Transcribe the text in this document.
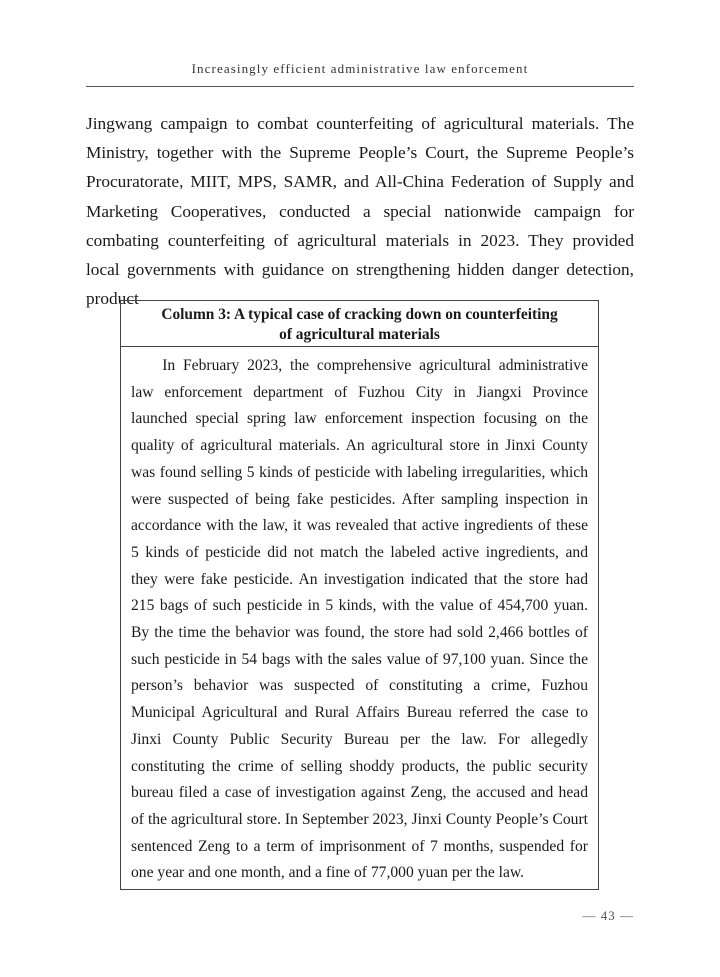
Increasingly efficient administrative law enforcement

Jingwang campaign to combat counterfeiting of agricultural materials. The Ministry, together with the Supreme People’s Court, the Supreme People’s Procuratorate, MIIT, MPS, SAMR, and All-China Federation of Supply and Marketing Cooperatives, conducted a special nationwide campaign for combating counterfeiting of agricultural materials in 2023. They provided local governments with guidance on strengthening hidden danger detection, product

Column 3: A typical case of cracking down on counterfeiting
of agricultural materials

In February 2023, the comprehensive agricultural administrative law enforcement department of Fuzhou City in Jiangxi Province launched special spring law enforcement inspection focusing on the quality of agricultural materials. An agricultural store in Jinxi County was found selling 5 kinds of pesticide with labeling irregularities, which were suspected of being fake pesticides. After sampling inspection in accordance with the law, it was revealed that active ingredients of these 5 kinds of pesticide did not match the labeled active ingredients, and they were fake pesticide. An investigation indicated that the store had 215 bags of such pesticide in 5 kinds, with the value of 454,700 yuan. By the time the behavior was found, the store had sold 2,466 bottles of such pesticide in 54 bags with the sales value of 97,100 yuan. Since the person’s behavior was suspected of constituting a crime, Fuzhou Municipal Agricultural and Rural Affairs Bureau referred the case to Jinxi County Public Security Bureau per the law. For allegedly constituting the crime of selling shoddy products, the public security bureau filed a case of investigation against Zeng, the accused and head of the agricultural store. In September 2023, Jinxi County People’s Court sentenced Zeng to a term of imprisonment of 7 months, suspended for one year and one month, and a fine of 77,000 yuan per the law.

— 43 —
